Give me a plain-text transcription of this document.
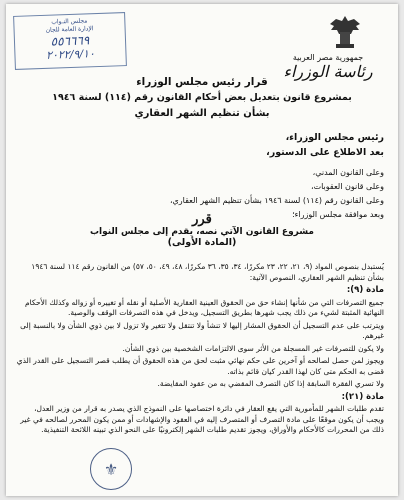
جمهورية مصر العربية
رئاسة الوزراء
مجلس النـواب
الإدارة العامة للجان
٥٥٦٦٦٩
٢٠٢٢/٩/١٠
قرار رئيس مجلس الوزراء
بمشروع قانون بتعديل بعض أحكام القانون رقم (١١٤) لسنة ١٩٤٦
بشأن تنظيم الشهر العقاري
رئيس مجلس الوزراء،
بعد الاطلاع على الدستور،
وعلى القانون المدني،
وعلى قانون العقوبات،
وعلى القانون رقم (١١٤) لسنة ١٩٤٦ بشأن تنظيم الشهر العقاري،
وبعد موافقة مجلس الوزراء؛
قرر
مشروع القانون الآتي نصه، يقدم إلى مجلس النواب
(المادة الأولى)

يُستبدل بنصوص المواد (٩، ٢١، ٢٢، ٢٣ مكررًا، ٣٤، ٣٥، ٣٦ مكررًا، ٤٨، ٤٩، ٥٠، ٥٧) من القانون رقم ١١٤ لسنة ١٩٤٦ بشأن تنظيم الشهر العقاري، النصوص الآتية:

مادة (٩):

جميع التصرفات التي من شأنها إنشاء حق من الحقوق العينية العقارية الأصلية أو نقله أو تغييره أو زواله وكذلك الأحكام النهائية المثبتة لشيء من ذلك يجب شهرها بطريق التسجيل، ويدخل في هذه التصرفات الوقف والوصية.

ويترتب على عدم التسجيل أن الحقوق المشار إليها لا تنشأ ولا تنتقل ولا تتغير ولا تزول لا بين ذوي الشأن ولا بالنسبة إلى غيرهم.

ولا يكون للتصرفات غير المسجلة من الأثر سوى الالتزامات الشخصية بين ذوي الشأن.

ويجوز لمن حصل لصالحه أو آخرين على حكم نهائي مثبت لحق من هذه الحقوق أن يطلب قصر التسجيل على القدر الذي قضى به الحكم متى كان لهذا القدر كيان قائم بذاته.

ولا تسري الفقرة السابقة إذا كان التصرف المقضي به من عقود المقايضة.

مادة (٢١):

تقدم طلبات الشهر للمأمورية التي يقع العقار في دائرة اختصاصها على النموذج الذي يصدر به قرار من وزير العدل، ويجب أن يكون موقعًا على مادة التصرف أو المتصرف إليه في العقود والإشهادات أو ممن يكون المحرر لصالحه في غير ذلك من المحررات كالأحكام والأوراق، ويجوز تقديم طلبات الشهر إلكترونيًا على النحو الذي تبينه اللائحة التنفيذية.

⚜
